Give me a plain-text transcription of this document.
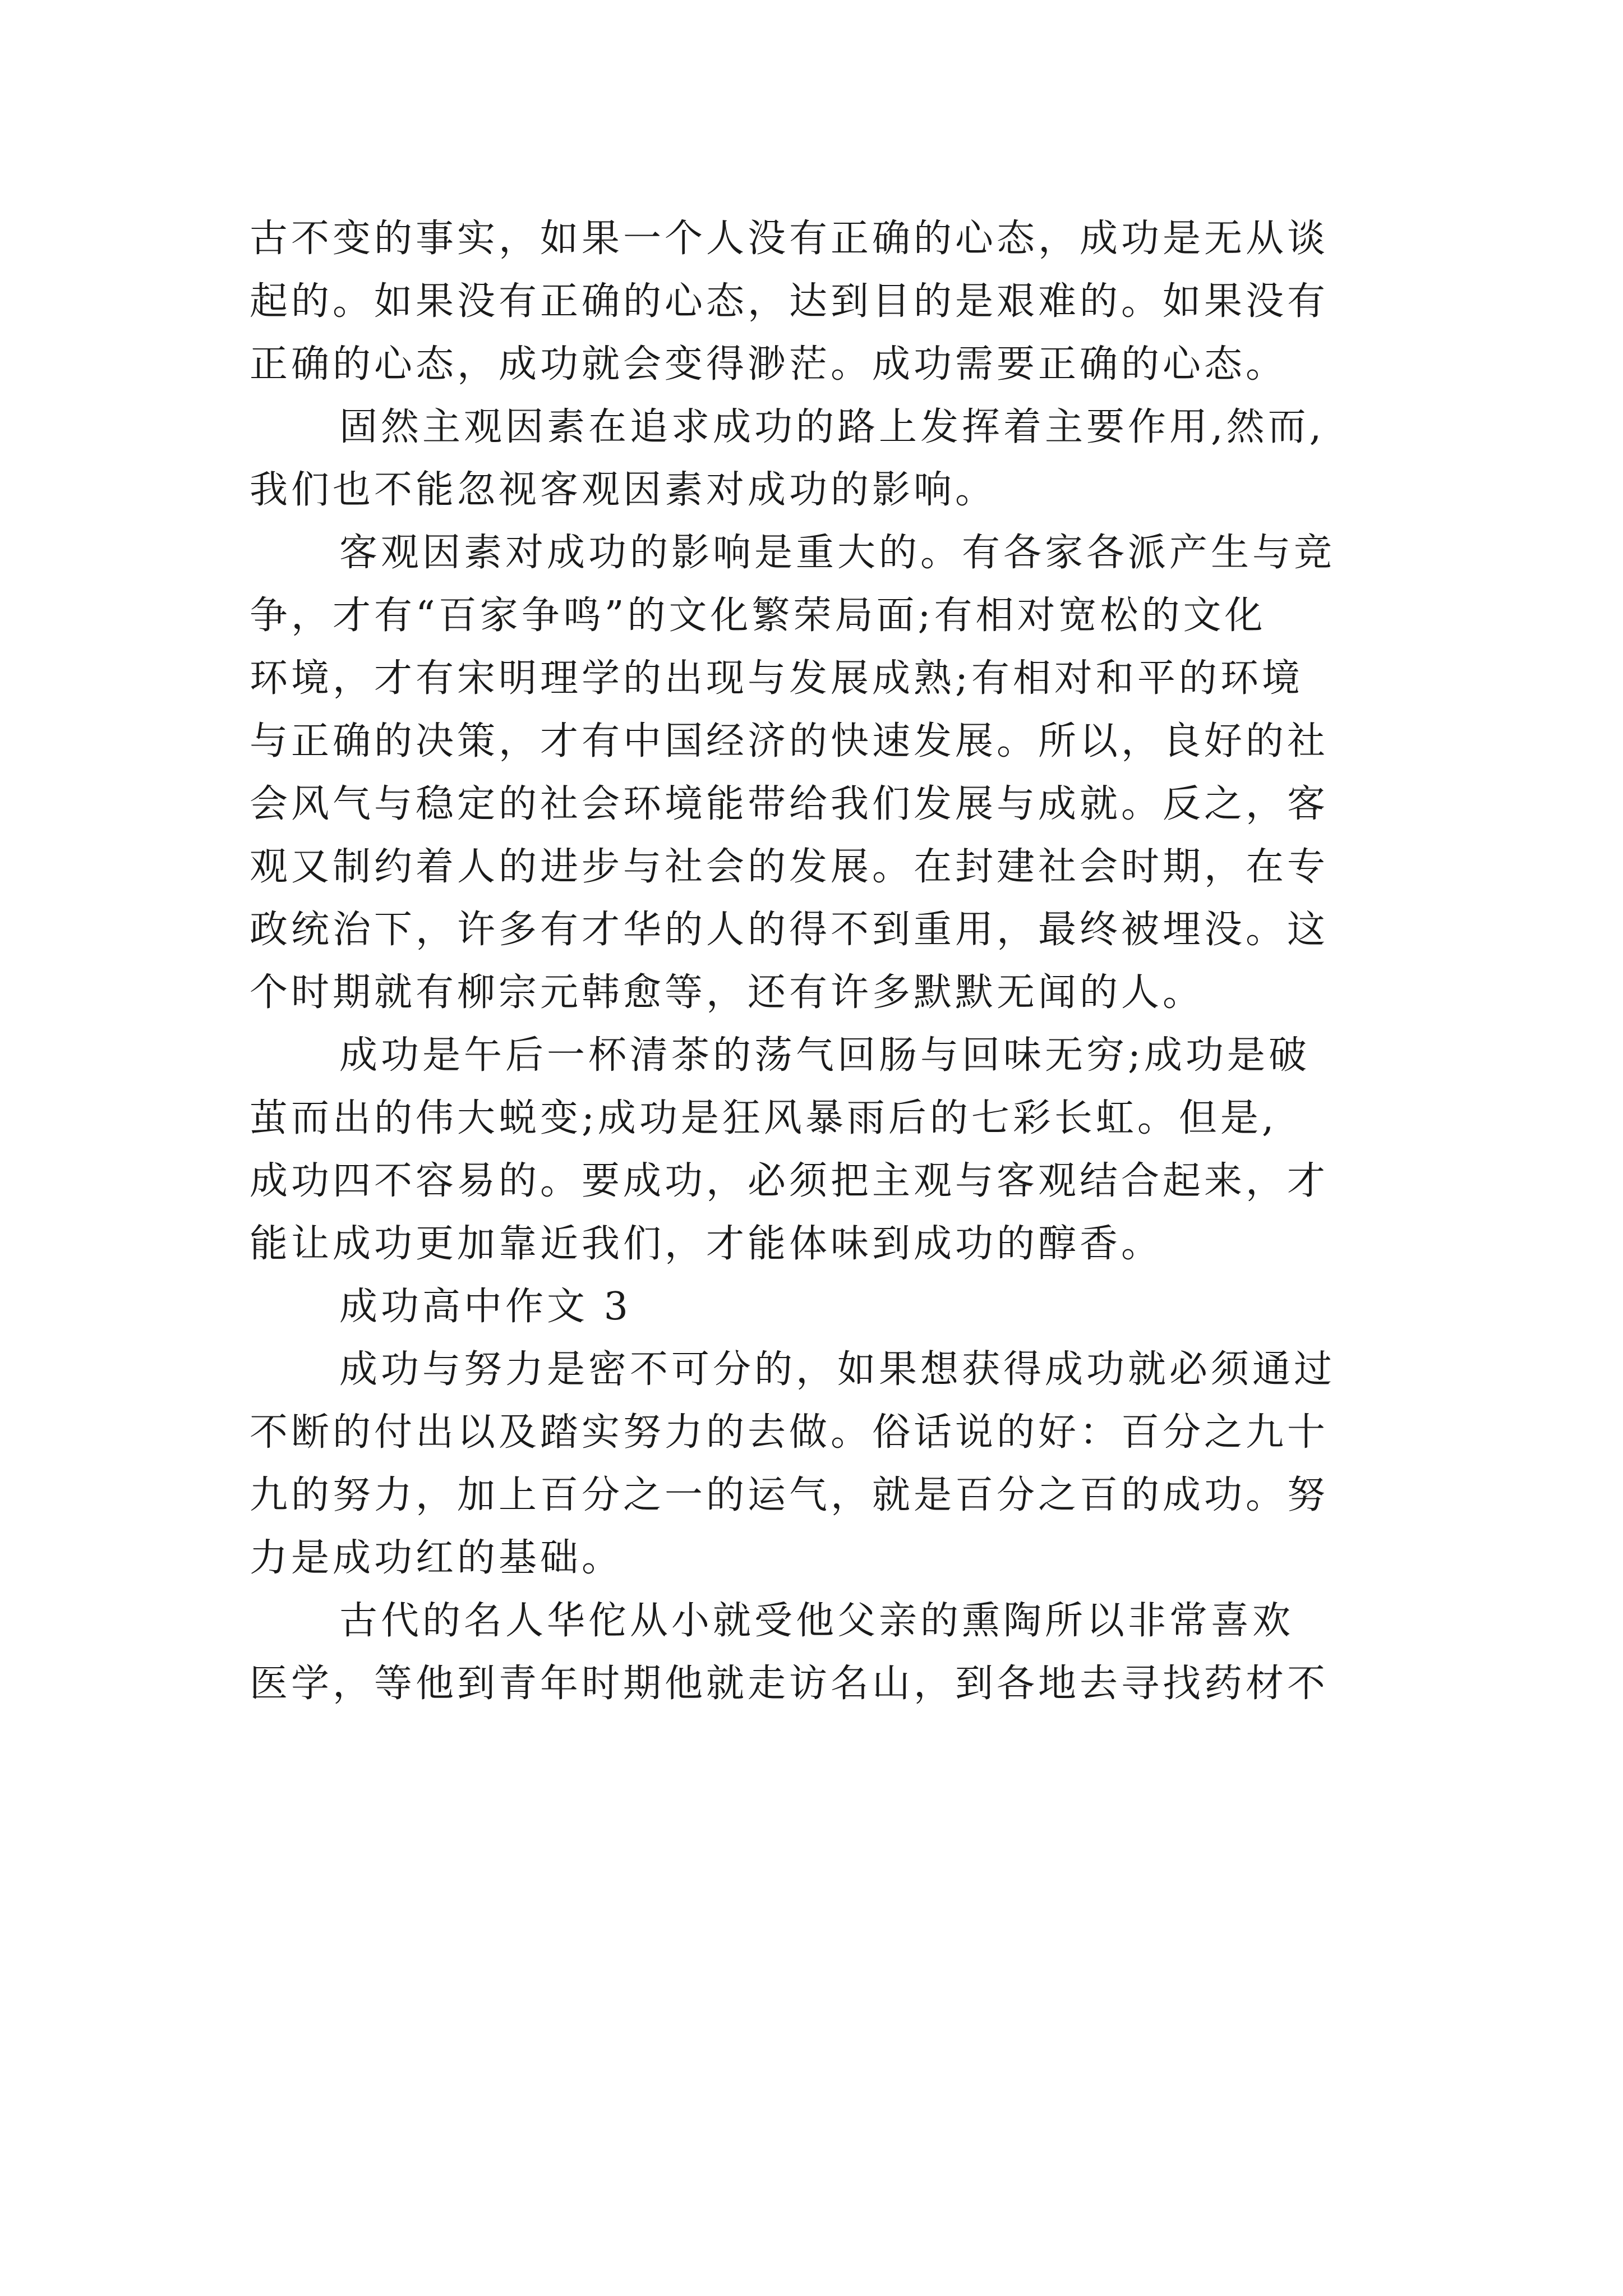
古不变的事实，如果一个人没有正确的心态，成功是无从谈
起的。如果没有正确的心态，达到目的是艰难的。如果没有
正确的心态，成功就会变得渺茫。成功需要正确的心态。
固然主观因素在追求成功的路上发挥着主要作用,然而,
我们也不能忽视客观因素对成功的影响。
客观因素对成功的影响是重大的。有各家各派产生与竞
争，才有“百家争鸣”的文化繁荣局面;有相对宽松的文化
环境，才有宋明理学的出现与发展成熟;有相对和平的环境
与正确的决策，才有中国经济的快速发展。所以，良好的社
会风气与稳定的社会环境能带给我们发展与成就。反之，客
观又制约着人的进步与社会的发展。在封建社会时期，在专
政统治下，许多有才华的人的得不到重用，最终被埋没。这
个时期就有柳宗元韩愈等，还有许多默默无闻的人。
成功是午后一杯清茶的荡气回肠与回味无穷;成功是破
茧而出的伟大蜕变;成功是狂风暴雨后的七彩长虹。但是,
成功四不容易的。要成功，必须把主观与客观结合起来，才
能让成功更加靠近我们，才能体味到成功的醇香。
成功高中作文 3
成功与努力是密不可分的，如果想获得成功就必须通过
不断的付出以及踏实努力的去做。俗话说的好：百分之九十
九的努力，加上百分之一的运气，就是百分之百的成功。努
力是成功红的基础。
古代的名人华佗从小就受他父亲的熏陶所以非常喜欢
医学，等他到青年时期他就走访名山，到各地去寻找药材不
